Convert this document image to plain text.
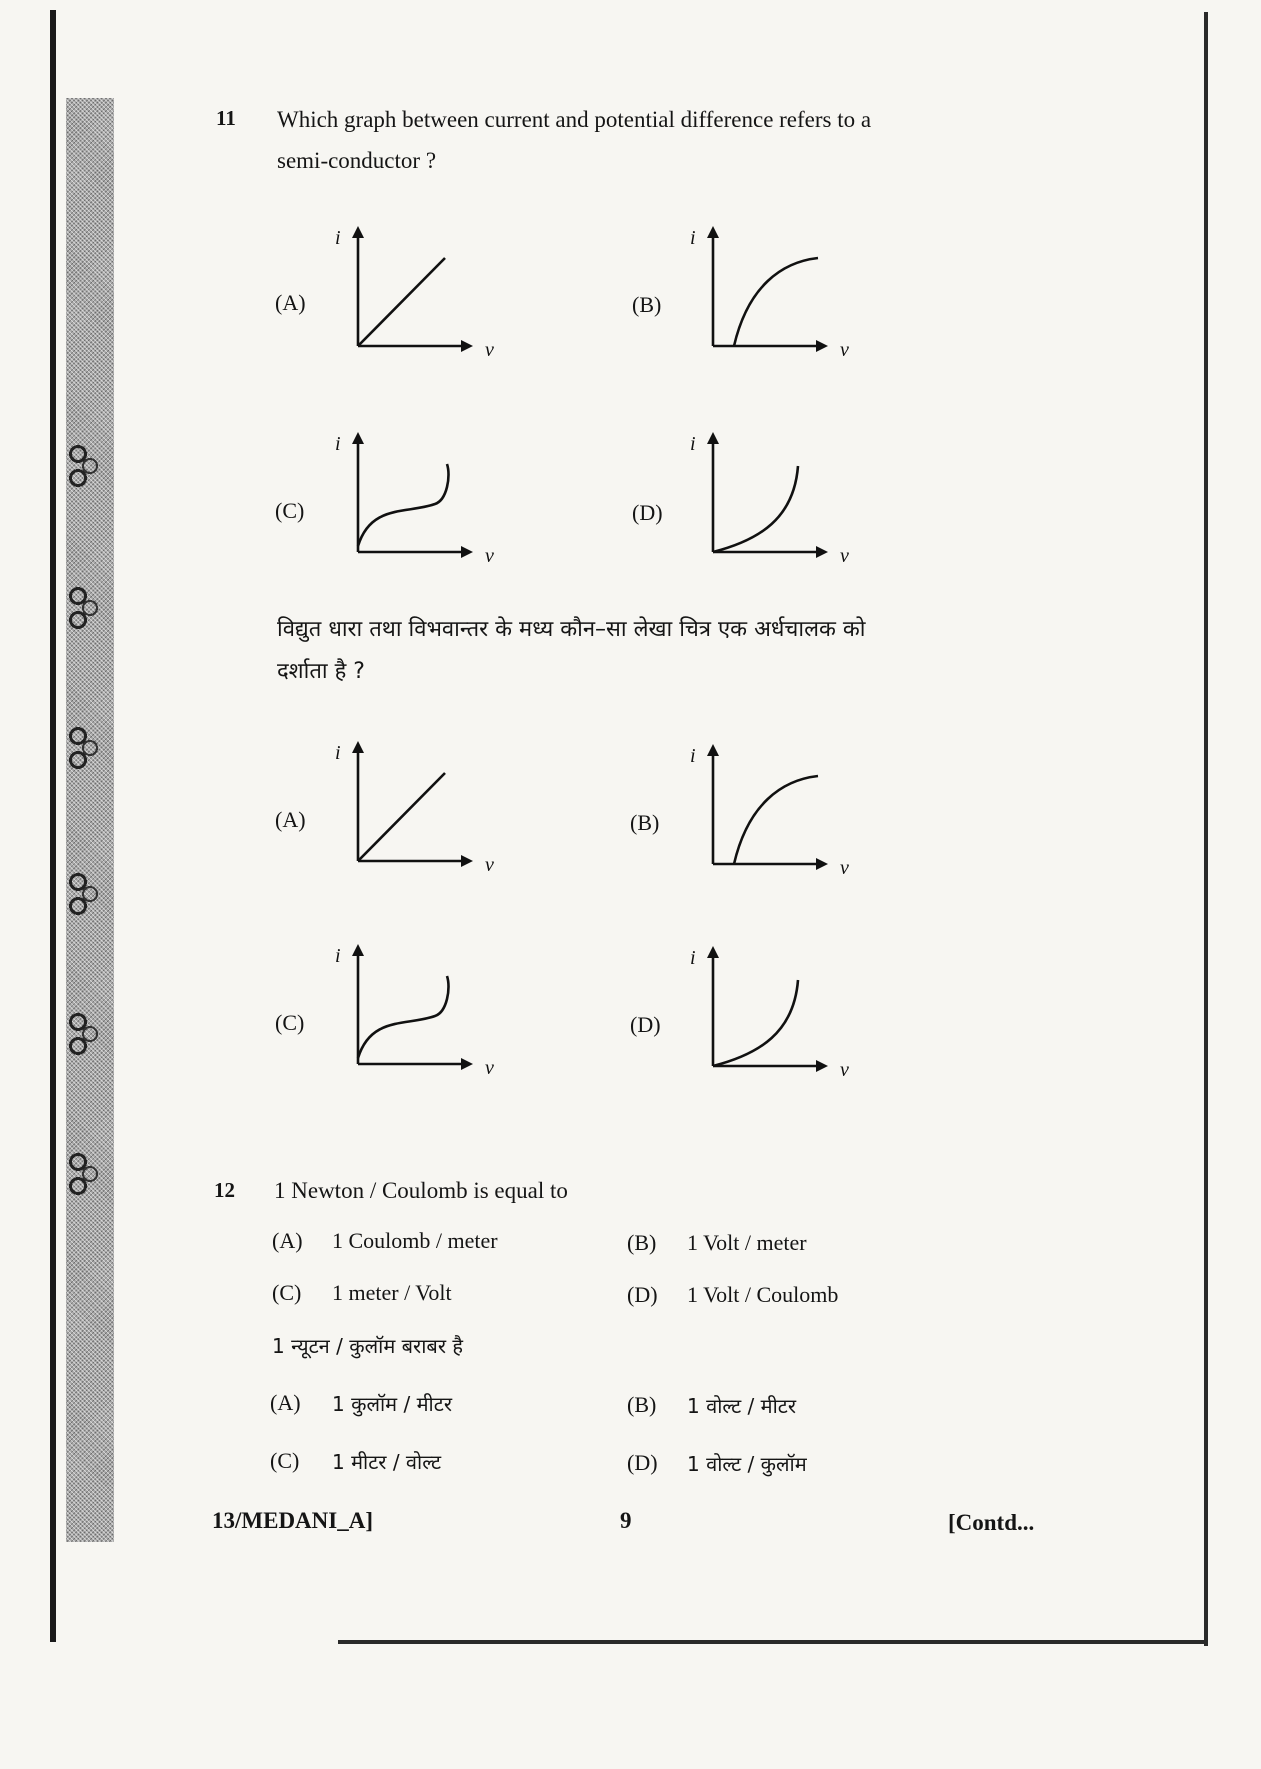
11 Which graph between current and potential difference refers to a
semi-conductor ?
(A)
i
v
(B)
i
v
(C)
i
v
(D)
i
v
विद्युत धारा तथा विभवान्तर के मध्य कौन–सा लेखा चित्र एक अर्धचालक को
दर्शाता है ?
(A)
i
v
(B)
i
v
(C)
i
v
(D)
i
v
12 1 Newton / Coulomb is equal to
(A) 1 Coulomb / meter	(B) 1 Volt / meter
(C) 1 meter / Volt	(D) 1 Volt / Coulomb
1 न्यूटन / कुलॉम बराबर है
(A) 1 कुलॉम / मीटर	(B) 1 वोल्ट / मीटर
(C) 1 मीटर / वोल्ट	(D) 1 वोल्ट / कुलॉम
13/MEDANI_A]	9	[Contd...
